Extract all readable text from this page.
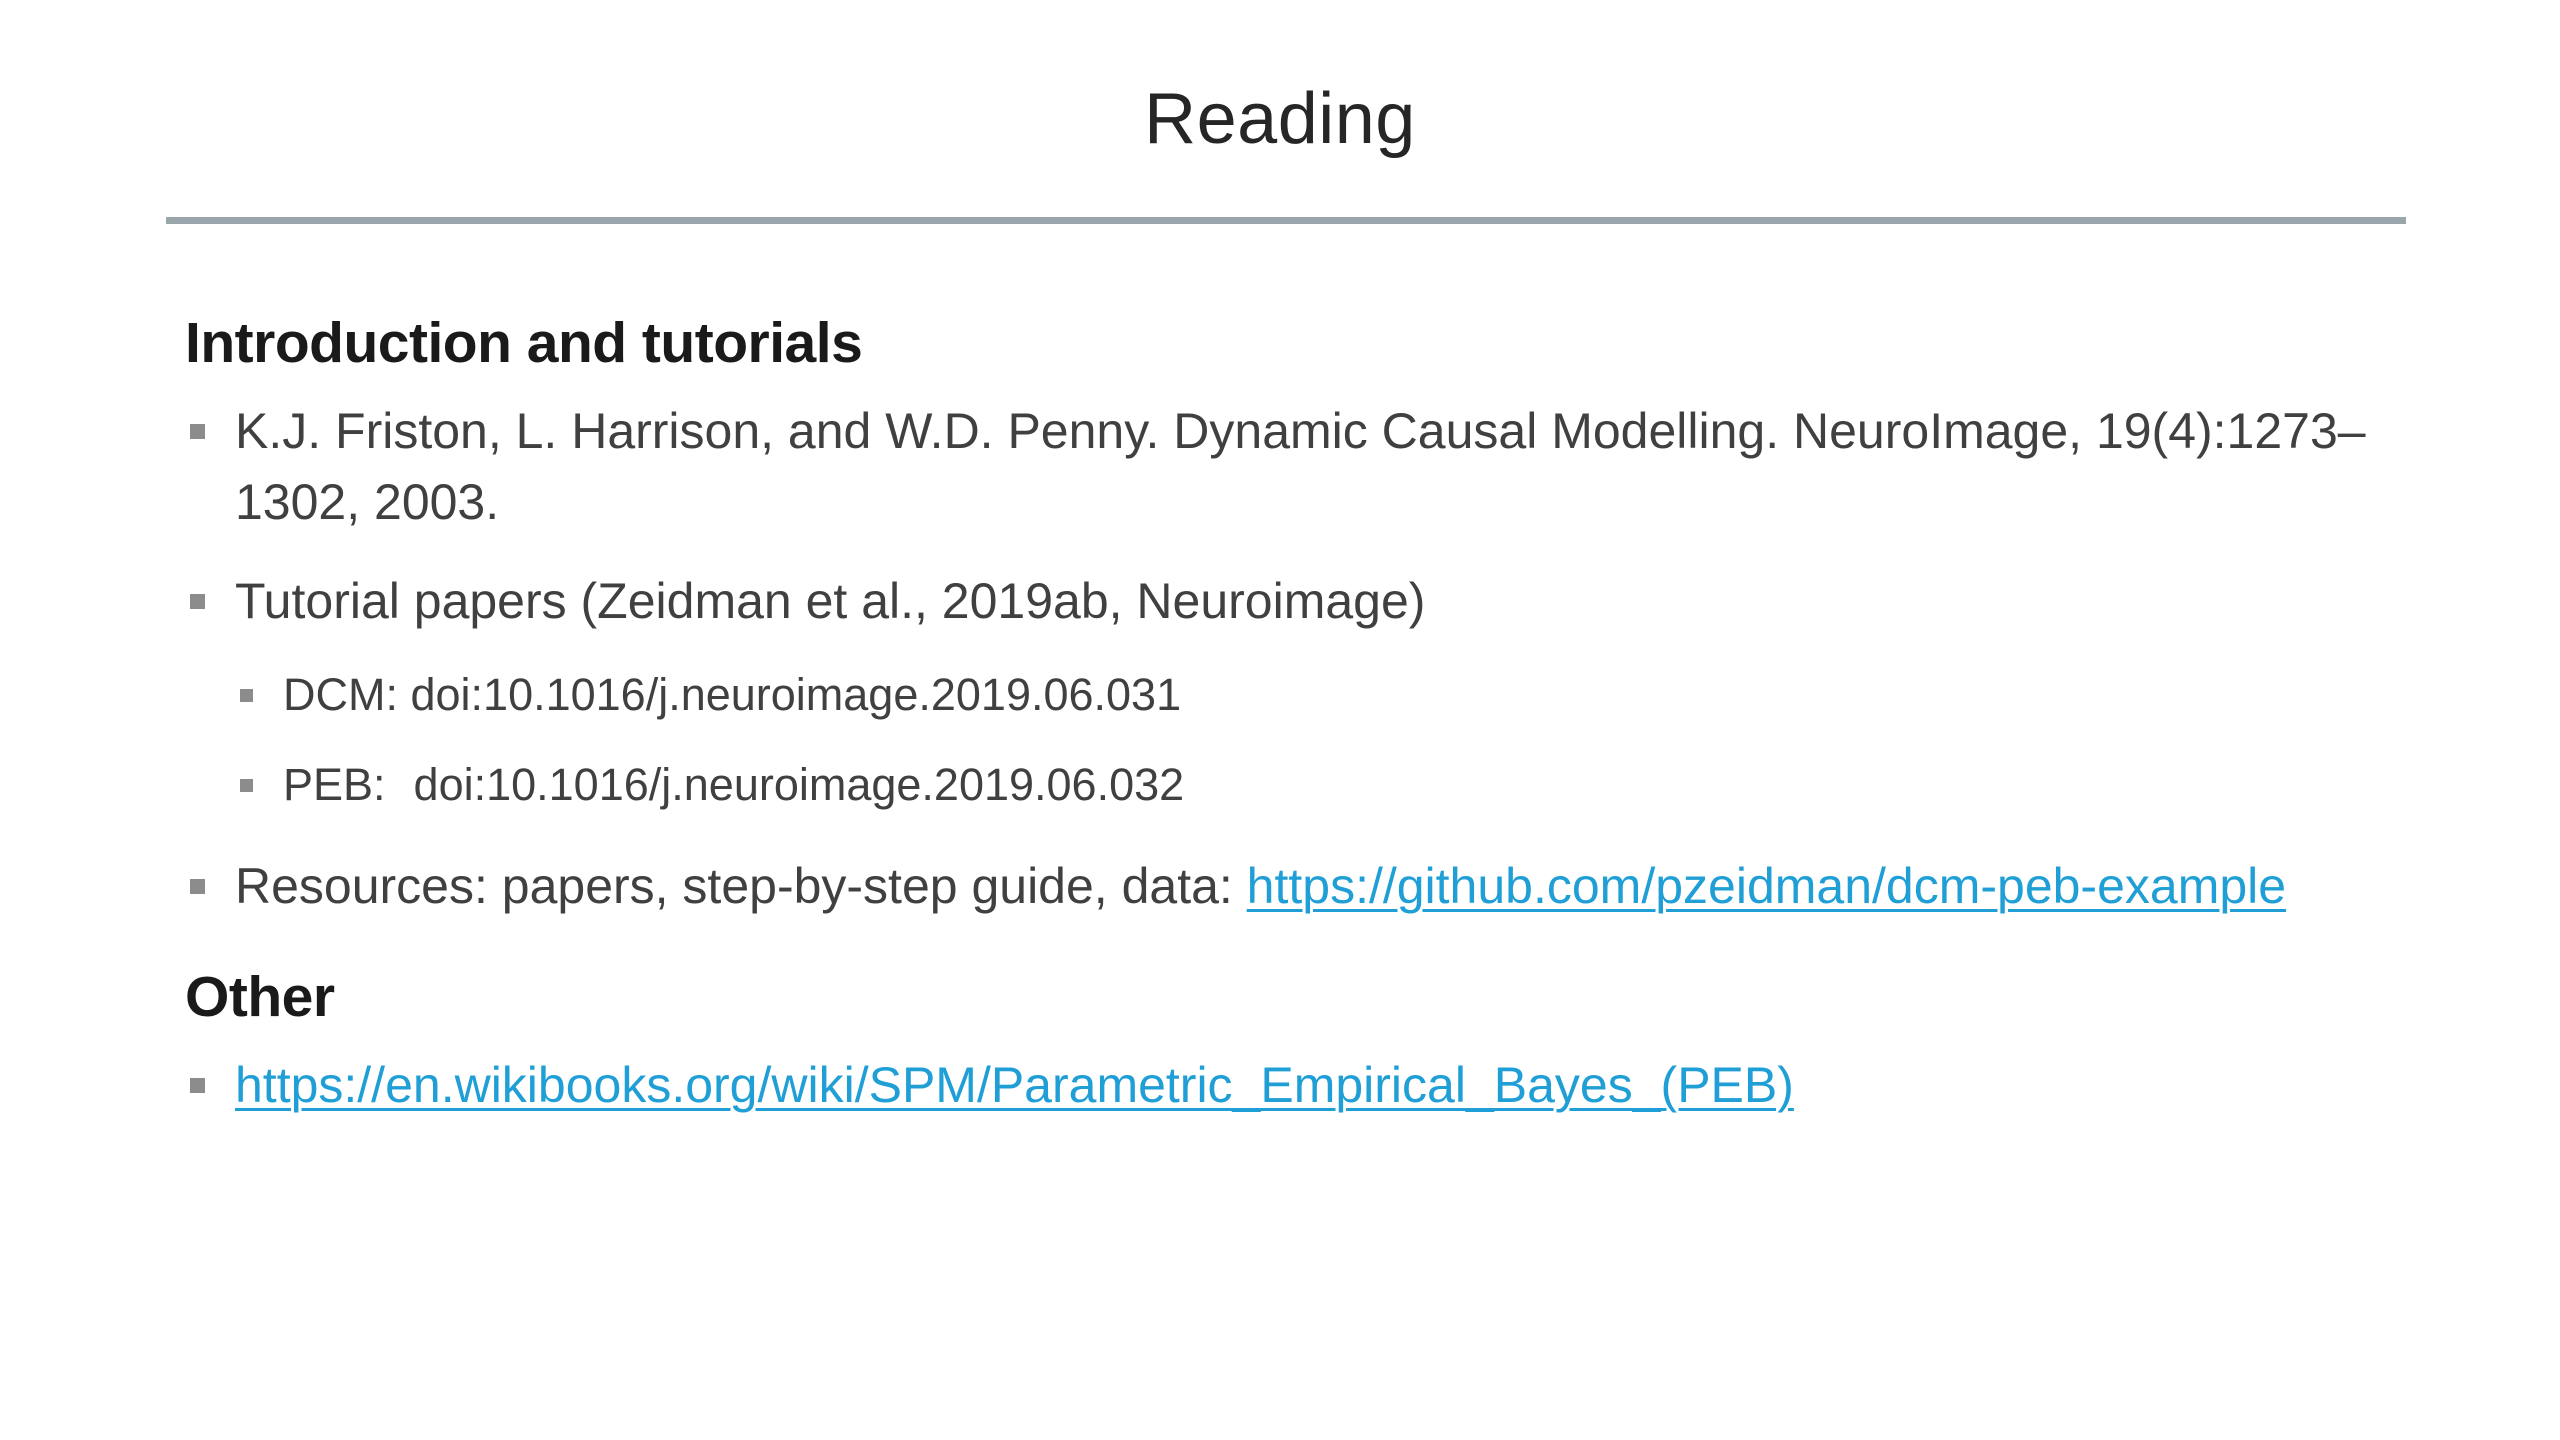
Reading
Introduction and tutorials
K.J. Friston, L. Harrison, and W.D. Penny. Dynamic Causal Modelling. NeuroImage, 19(4):1273–1302, 2003.
Tutorial papers (Zeidman et al., 2019ab, Neuroimage)
DCM: doi:10.1016/j.neuroimage.2019.06.031
PEB: doi:10.1016/j.neuroimage.2019.06.032
Resources: papers, step-by-step guide, data: https://github.com/pzeidman/dcm-peb-example
Other
https://en.wikibooks.org/wiki/SPM/Parametric_Empirical_Bayes_(PEB)
